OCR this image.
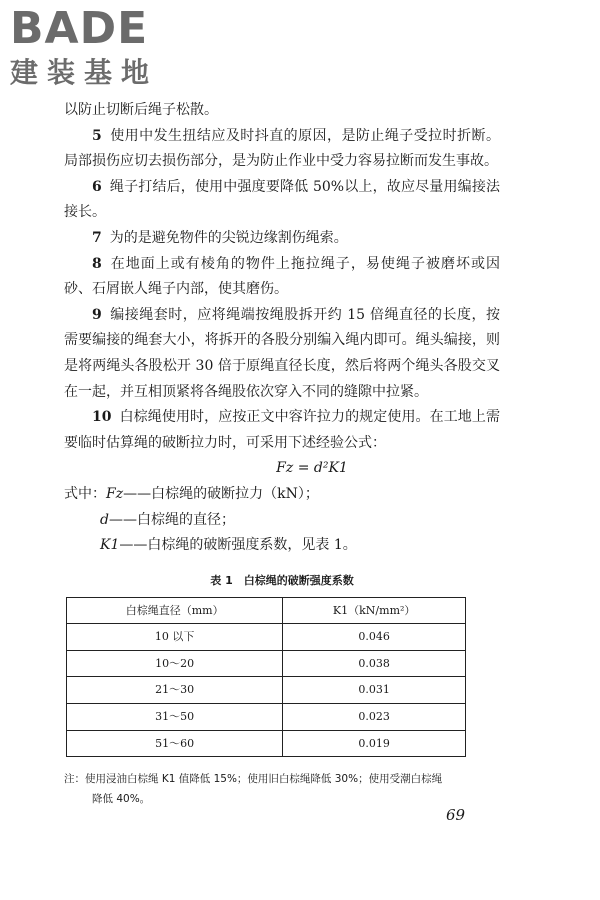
BADE
建装基地

以防止切断后绳子松散。

5 使用中发生扭结应及时抖直的原因，是防止绳子受拉时折断。局部损伤应切去损伤部分，是为防止作业中受力容易拉断而发生事故。

6 绳子打结后，使用中强度要降低 50%以上，故应尽量用编接法接长。

7 为的是避免物件的尖锐边缘割伤绳索。

8 在地面上或有棱角的物件上拖拉绳子，易使绳子被磨坏或因砂、石屑嵌人绳子内部，使其磨伤。

9 编接绳套时，应将绳端按绳股拆开约 15 倍绳直径的长度，按需要编接的绳套大小，将拆开的各股分别编入绳内即可。绳头编接，则是将两绳头各股松开 30 倍于原绳直径长度，然后将两个绳头各股交叉在一起，并互相顶紧将各绳股依次穿入不同的缝隙中拉紧。

10 白棕绳使用时，应按正文中容许拉力的规定使用。在工地上需要临时估算绳的破断拉力时，可采用下述经验公式：

Fz = d²K1

式中：Fz——白棕绳的破断拉力（kN）；

d——白棕绳的直径；

K1——白棕绳的破断强度系数，见表 1。

表 1　白棕绳的破断强度系数
白棕绳直径（mm）	K1（kN/mm²）
10 以下	0.046
10～20	0.038
21～30	0.031
31～50	0.023
51～60	0.019
注：使用浸油白棕绳 K1 值降低 15%；使用旧白棕绳降低 30%；使用受潮白棕绳
降低 40%。
69
